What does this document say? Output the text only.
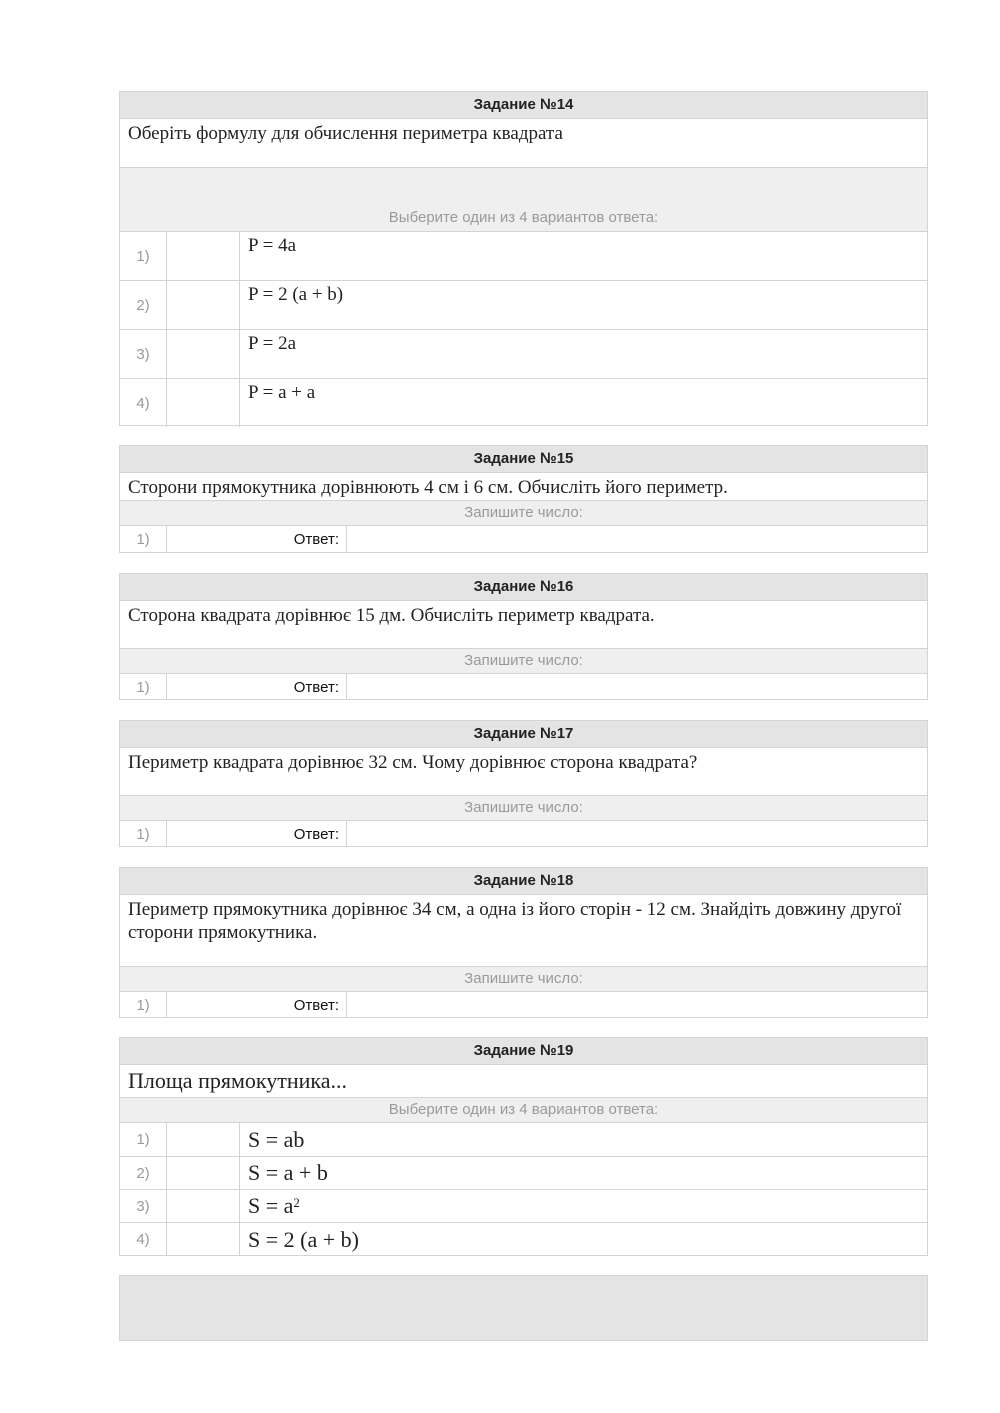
Задание №14
Оберіть формулу для обчислення периметра квадрата
Выберите один из 4 вариантов ответа:
1)	P = 4a
2)	P = 2 (a + b)
3)	P = 2a
4)	P = a + a
Задание №15
Сторони прямокутника дорівнюють 4 см і 6 см. Обчисліть його периметр.
Запишите число:
1)	Ответ:
Задание №16
Сторона квадрата дорівнює 15 дм. Обчисліть периметр квадрата.
Запишите число:
1)	Ответ:
Задание №17
Периметр квадрата дорівнює 32 см. Чому дорівнює сторона квадрата?
Запишите число:
1)	Ответ:
Задание №18
Периметр прямокутника дорівнює 34 см, а одна із його сторін - 12 см. Знайдіть довжину другої сторони прямокутника.
Запишите число:
1)	Ответ:
Задание №19
Площа прямокутника...
Выберите один из 4 вариантов ответа:
1)	S = ab
2)	S = a + b
3)	$S = a^2$
4)	S = 2 (a + b)
